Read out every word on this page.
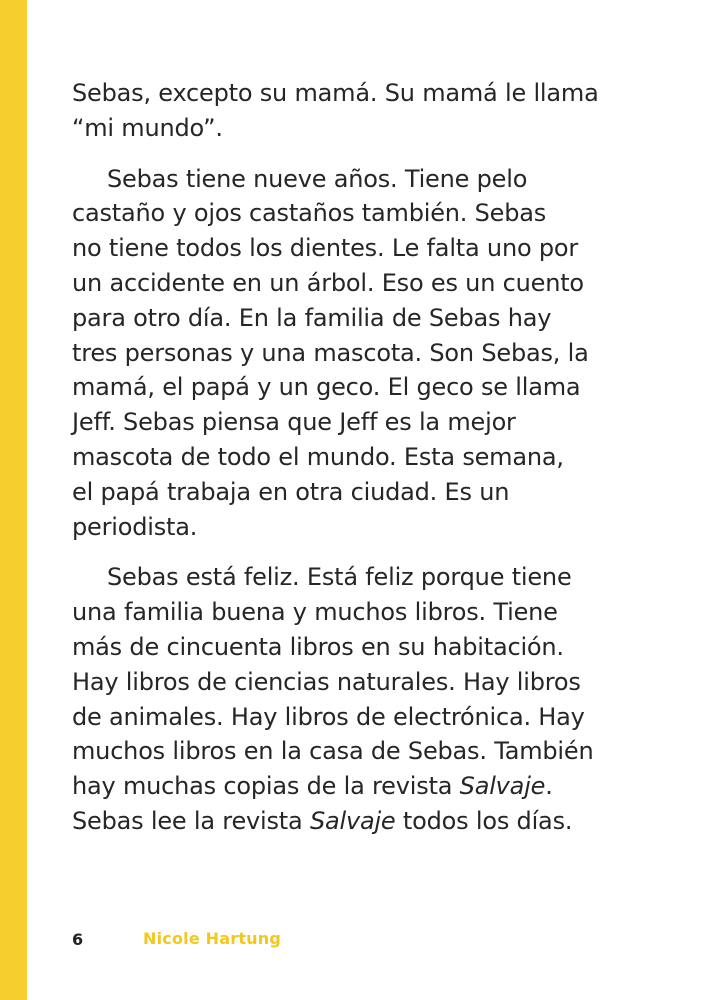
Sebas, excepto su mamá. Su mamá le llama
“mi mundo”.

Sebas tiene nueve años. Tiene pelo
castaño y ojos castaños también. Sebas
no tiene todos los dientes. Le falta uno por
un accidente en un árbol. Eso es un cuento
para otro día. En la familia de Sebas hay
tres personas y una mascota. Son Sebas, la
mamá, el papá y un geco. El geco se llama
Jeff. Sebas piensa que Jeff es la mejor
mascota de todo el mundo. Esta semana,
el papá trabaja en otra ciudad. Es un
periodista.

Sebas está feliz. Está feliz porque tiene
una familia buena y muchos libros. Tiene
más de cincuenta libros en su habitación.
Hay libros de ciencias naturales. Hay libros
de animales. Hay libros de electrónica. Hay
muchos libros en la casa de Sebas. También
hay muchas copias de la revista Salvaje.
Sebas lee la revista Salvaje todos los días.

6	Nicole Hartung
